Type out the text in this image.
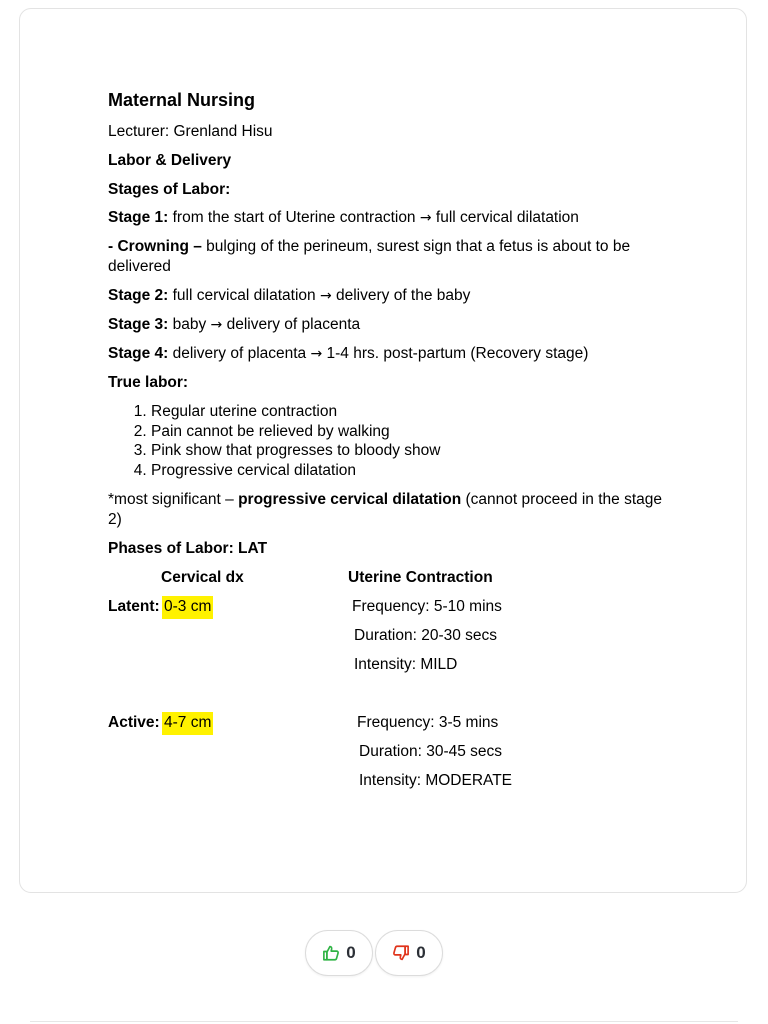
Maternal Nursing
Lecturer: Grenland Hisu
Labor & Delivery
Stages of Labor:
Stage 1: from the start of Uterine contraction → full cervical dilatation
- Crowning – bulging of the perineum, surest sign that a fetus is about to be delivered
Stage 2: full cervical dilatation → delivery of the baby
Stage 3: baby → delivery of placenta
Stage 4: delivery of placenta → 1-4 hrs. post-partum (Recovery stage)
True labor:
1. Regular uterine contraction
2. Pain cannot be relieved by walking
3. Pink show that progresses to bloody show
4. Progressive cervical dilatation
*most significant – progressive cervical dilatation (cannot proceed in the stage 2)
Phases of Labor: LAT
Cervical dx	Uterine Contraction
Latent: 0-3 cm	Frequency: 5-10 mins
Duration: 20-30 secs
Intensity: MILD
Active: 4-7 cm	Frequency: 3-5 mins
Duration: 30-45 secs
Intensity: MODERATE
0	0
